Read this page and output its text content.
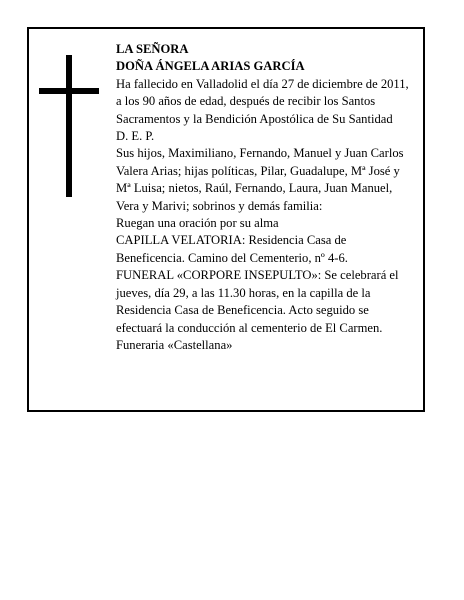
LA SEÑORA

DOÑA ÁNGELA ARIAS GARCÍA

Ha fallecido en Valladolid el día 27 de diciembre de 2011, a los 90 años de edad, después de recibir los Santos Sacramentos y la Bendición Apostólica de Su Santidad

D. E. P.

Sus hijos, Maximiliano, Fernando, Manuel y Juan Carlos Valera Arias; hijas políticas, Pilar, Guadalupe, Mª José y Mª Luisa; nietos, Raúl, Fernando, Laura, Juan Manuel, Vera y Marivi; sobrinos y demás familia:

Ruegan una oración por su alma

CAPILLA VELATORIA: Residencia Casa de Beneficencia. Camino del Cementerio, nº 4-6.

FUNERAL «CORPORE INSEPULTO»: Se celebrará el jueves, día 29, a las 11.30 horas, en la capilla de la Residencia Casa de Beneficencia. Acto seguido se efectuará la conducción al cementerio de El Carmen.

Funeraria «Castellana»
